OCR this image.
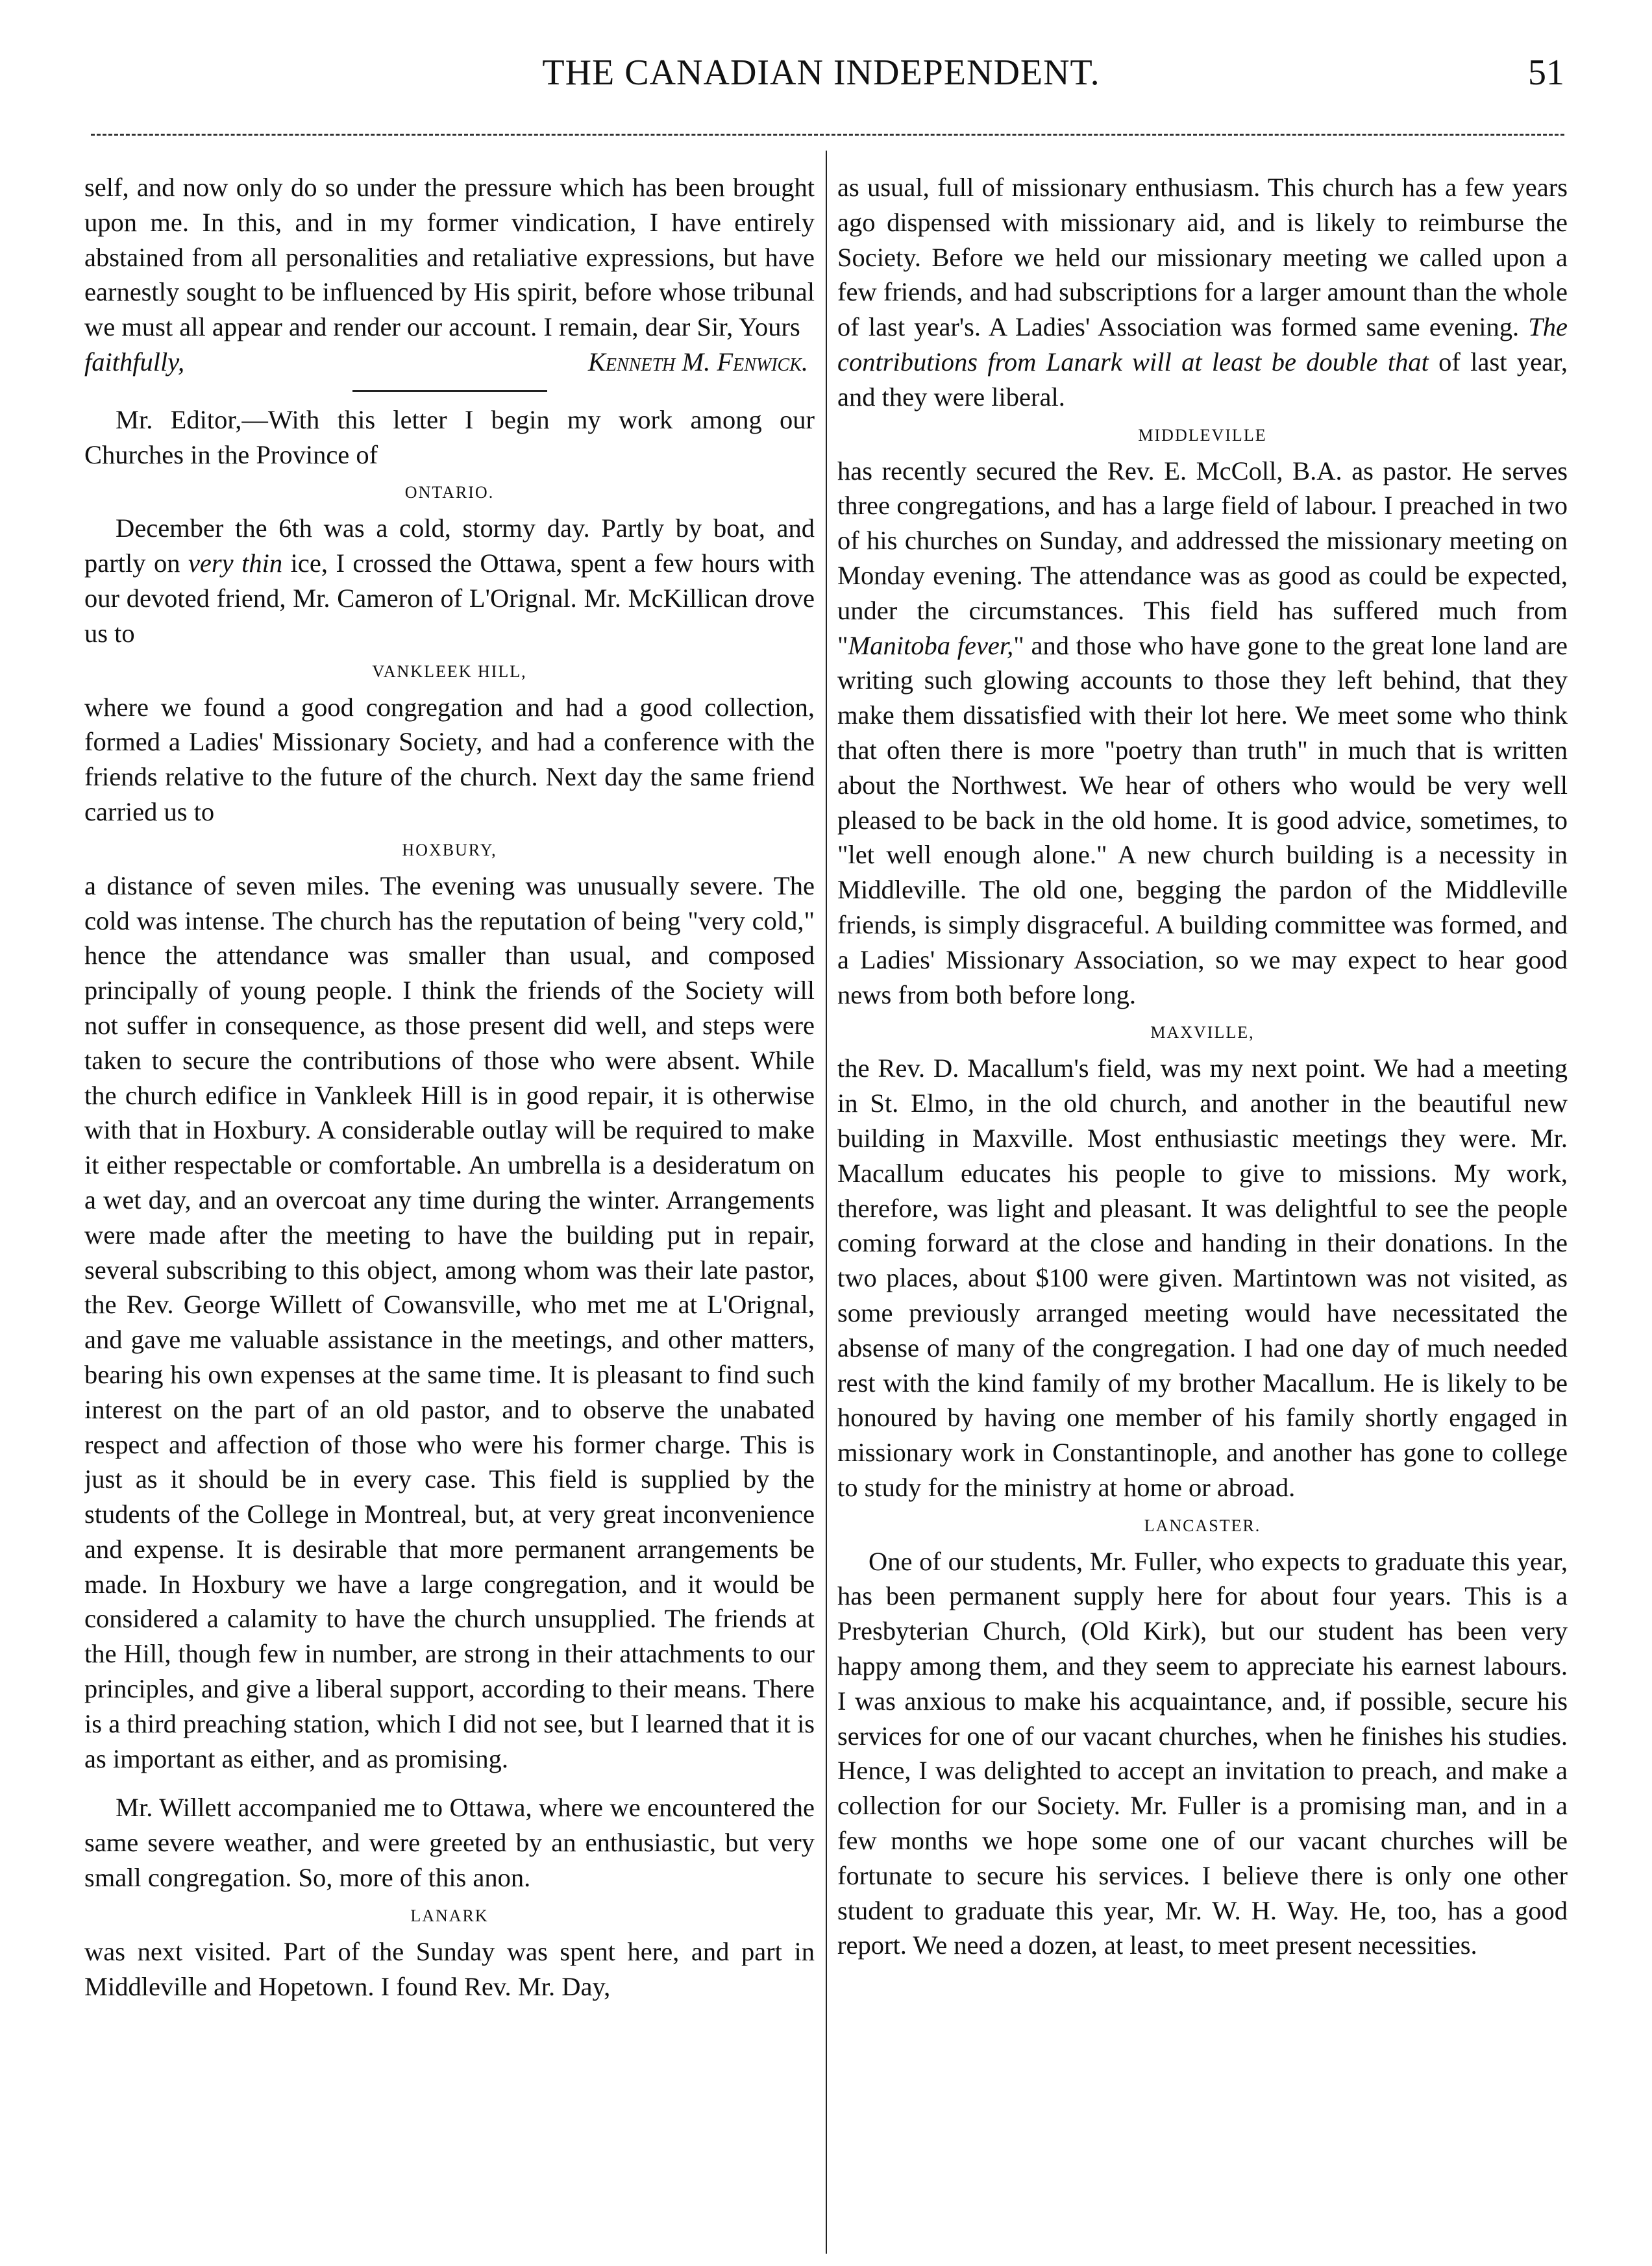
THE CANADIAN INDEPENDENT.	51

self, and now only do so under the pressure which has been brought upon me. In this, and in my former vindication, I have entirely abstained from all personalities and retaliative expressions, but have earnestly sought to be influenced by His spirit, before whose tribunal we must all appear and render our account. I remain, dear Sir, Yours

faithfully,	Kenneth M. Fenwick.

Mr. Editor,—With this letter I begin my work among our Churches in the Province of

ONTARIO.

December the 6th was a cold, stormy day. Partly by boat, and partly on very thin ice, I crossed the Ottawa, spent a few hours with our devoted friend, Mr. Cameron of L'Orignal. Mr. McKillican drove us to

VANKLEEK HILL,

where we found a good congregation and had a good collection, formed a Ladies' Missionary Society, and had a conference with the friends relative to the future of the church. Next day the same friend carried us to

HOXBURY,

a distance of seven miles. The evening was unusually severe. The cold was intense. The church has the reputation of being "very cold," hence the attendance was smaller than usual, and composed principally of young people. I think the friends of the Society will not suffer in consequence, as those present did well, and steps were taken to secure the contributions of those who were absent. While the church edifice in Vankleek Hill is in good repair, it is otherwise with that in Hoxbury. A considerable outlay will be required to make it either respectable or comfortable. An umbrella is a desideratum on a wet day, and an overcoat any time during the winter. Arrangements were made after the meeting to have the building put in repair, several subscribing to this object, among whom was their late pastor, the Rev. George Willett of Cowansville, who met me at L'Orignal, and gave me valuable assistance in the meetings, and other matters, bearing his own expenses at the same time. It is pleasant to find such interest on the part of an old pastor, and to observe the unabated respect and affection of those who were his former charge. This is just as it should be in every case. This field is supplied by the students of the College in Montreal, but, at very great inconvenience and expense. It is desirable that more permanent arrangements be made. In Hoxbury we have a large congregation, and it would be considered a calamity to have the church unsupplied. The friends at the Hill, though few in number, are strong in their attachments to our principles, and give a liberal support, according to their means. There is a third preaching station, which I did not see, but I learned that it is as important as either, and as promising.

Mr. Willett accompanied me to Ottawa, where we encountered the same severe weather, and were greeted by an enthusiastic, but very small congregation. So, more of this anon.

LANARK

was next visited. Part of the Sunday was spent here, and part in Middleville and Hopetown. I found Rev. Mr. Day,

as usual, full of missionary enthusiasm. This church has a few years ago dispensed with missionary aid, and is likely to reimburse the Society. Before we held our missionary meeting we called upon a few friends, and had subscriptions for a larger amount than the whole of last year's. A Ladies' Association was formed same evening. The contributions from Lanark will at least be double that of last year, and they were liberal.

MIDDLEVILLE

has recently secured the Rev. E. McColl, B.A. as pastor. He serves three congregations, and has a large field of labour. I preached in two of his churches on Sunday, and addressed the missionary meeting on Monday evening. The attendance was as good as could be expected, under the circumstances. This field has suffered much from "Manitoba fever," and those who have gone to the great lone land are writing such glowing accounts to those they left behind, that they make them dissatisfied with their lot here. We meet some who think that often there is more "poetry than truth" in much that is written about the Northwest. We hear of others who would be very well pleased to be back in the old home. It is good advice, sometimes, to "let well enough alone." A new church building is a necessity in Middleville. The old one, begging the pardon of the Middleville friends, is simply disgraceful. A building committee was formed, and a Ladies' Missionary Association, so we may expect to hear good news from both before long.

MAXVILLE,

the Rev. D. Macallum's field, was my next point. We had a meeting in St. Elmo, in the old church, and another in the beautiful new building in Maxville. Most enthusiastic meetings they were. Mr. Macallum educates his people to give to missions. My work, therefore, was light and pleasant. It was delightful to see the people coming forward at the close and handing in their donations. In the two places, about $100 were given. Martintown was not visited, as some previously arranged meeting would have necessitated the absense of many of the congregation. I had one day of much needed rest with the kind family of my brother Macallum. He is likely to be honoured by having one member of his family shortly engaged in missionary work in Constantinople, and another has gone to college to study for the ministry at home or abroad.

LANCASTER.

One of our students, Mr. Fuller, who expects to graduate this year, has been permanent supply here for about four years. This is a Presbyterian Church, (Old Kirk), but our student has been very happy among them, and they seem to appreciate his earnest labours. I was anxious to make his acquaintance, and, if possible, secure his services for one of our vacant churches, when he finishes his studies. Hence, I was delighted to accept an invitation to preach, and make a collection for our Society. Mr. Fuller is a promising man, and in a few months we hope some one of our vacant churches will be fortunate to secure his services. I believe there is only one other student to graduate this year, Mr. W. H. Way. He, too, has a good report. We need a dozen, at least, to meet present necessities.
